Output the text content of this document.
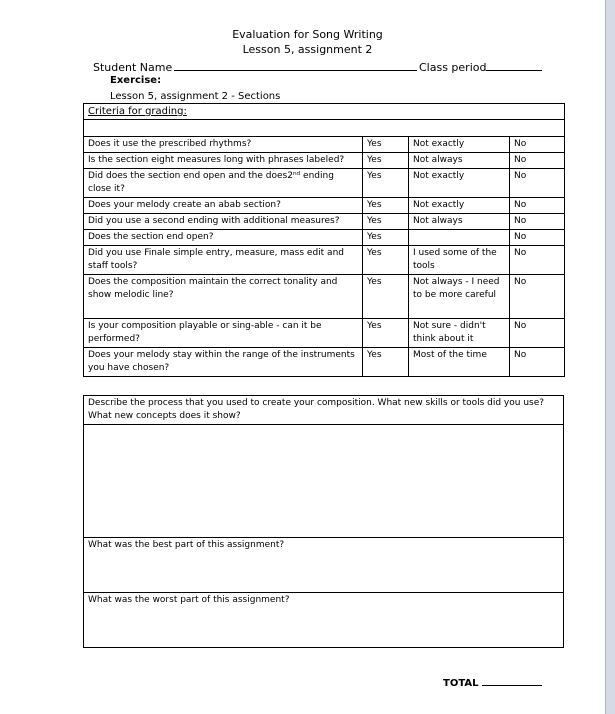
Evaluation for Song Writing
Lesson 5, assignment 2
Student Name	Class period
Exercise:
Lesson 5, assignment 2 - Sections
Criteria for grading:			

Does it use the prescribed rhythms?	Yes	Not exactly	No
Is the section eight measures long with phrases labeled?	Yes	Not always	No
Did does the section end open and the does2ⁿᵈ ending close it?	Yes	Not exactly	No
Does your melody create an abab section?	Yes	Not exactly	No
Did you use a second ending with additional measures?	Yes	Not always	No
Does the section end open?	Yes		No
Did you use Finale simple entry, measure, mass edit and staff tools?	Yes	I used some of the tools	No
Does the composition maintain the correct tonality and show melodic line?	Yes	Not always - I need to be more careful	No
Is your composition playable or sing-able - can it be performed?	Yes	Not sure - didn't think about it	No
Does your melody stay within the range of the instruments you have chosen?	Yes	Most of the time	No
Describe the process that you used to create your composition. What new skills or tools did you use? What new concepts does it show?

What was the best part of this assignment?
What was the worst part of this assignment?
TOTAL
